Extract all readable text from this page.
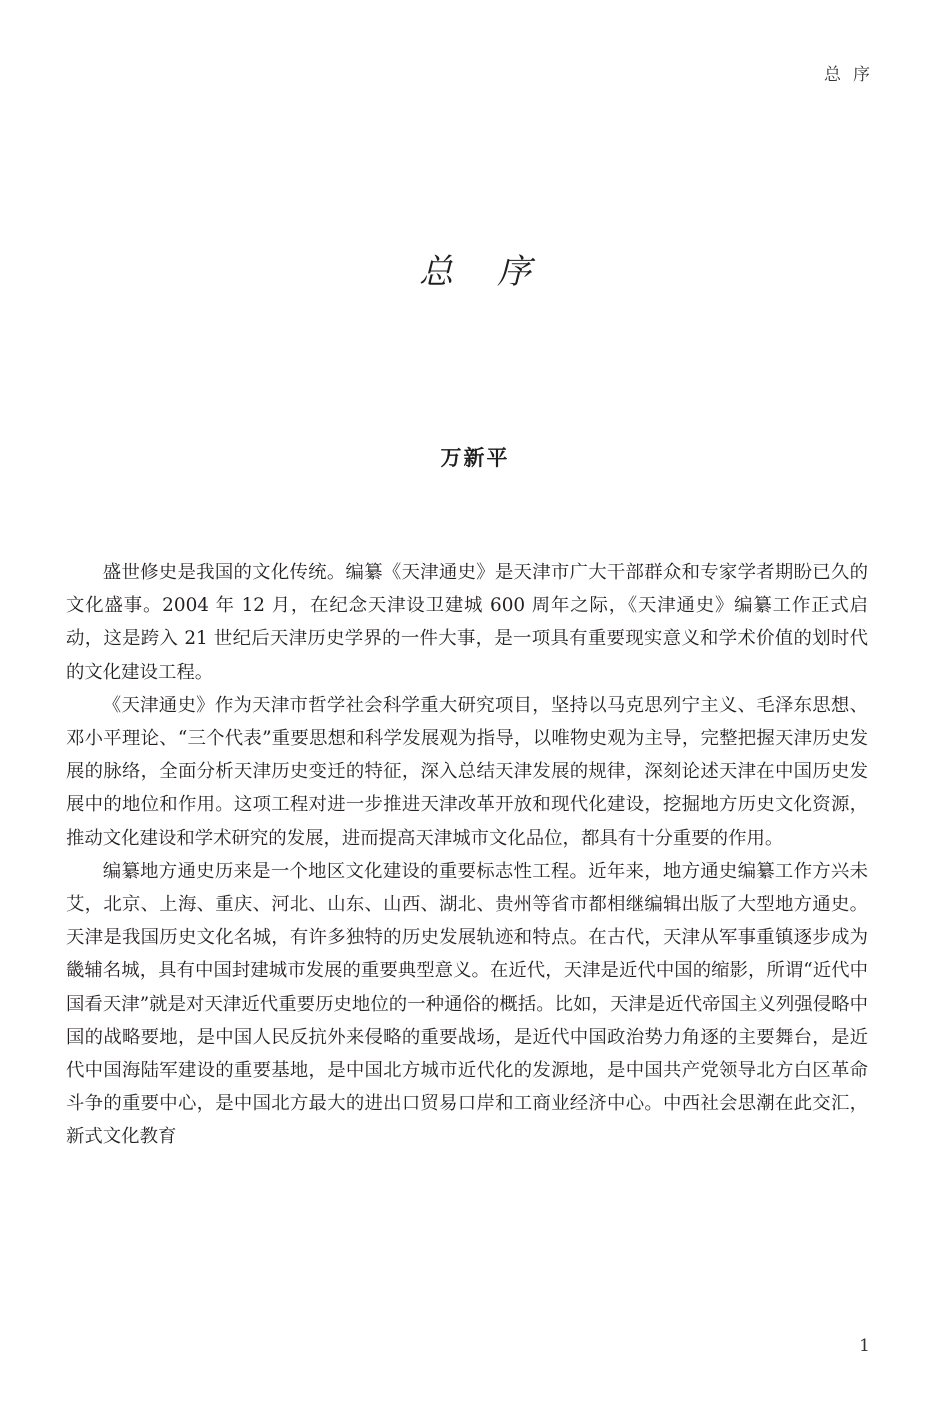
总序
总序
万新平

盛世修史是我国的文化传统。编纂《天津通史》是天津市广大干部群众和专家学者期盼已久的文化盛事。2004 年 12 月，在纪念天津设卫建城 600 周年之际，《天津通史》编纂工作正式启动，这是跨入 21 世纪后天津历史学界的一件大事，是一项具有重要现实意义和学术价值的划时代的文化建设工程。

《天津通史》作为天津市哲学社会科学重大研究项目，坚持以马克思列宁主义、毛泽东思想、邓小平理论、“三个代表”重要思想和科学发展观为指导，以唯物史观为主导，完整把握天津历史发展的脉络，全面分析天津历史变迁的特征，深入总结天津发展的规律，深刻论述天津在中国历史发展中的地位和作用。这项工程对进一步推进天津改革开放和现代化建设，挖掘地方历史文化资源，推动文化建设和学术研究的发展，进而提高天津城市文化品位，都具有十分重要的作用。

编纂地方通史历来是一个地区文化建设的重要标志性工程。近年来，地方通史编纂工作方兴未艾，北京、上海、重庆、河北、山东、山西、湖北、贵州等省市都相继编辑出版了大型地方通史。天津是我国历史文化名城，有许多独特的历史发展轨迹和特点。在古代，天津从军事重镇逐步成为畿辅名城，具有中国封建城市发展的重要典型意义。在近代，天津是近代中国的缩影，所谓“近代中国看天津”就是对天津近代重要历史地位的一种通俗的概括。比如，天津是近代帝国主义列强侵略中国的战略要地，是中国人民反抗外来侵略的重要战场，是近代中国政治势力角逐的主要舞台，是近代中国海陆军建设的重要基地，是中国北方城市近代化的发源地，是中国共产党领导北方白区革命斗争的重要中心，是中国北方最大的进出口贸易口岸和工商业经济中心。中西社会思潮在此交汇，新式文化教育

1
